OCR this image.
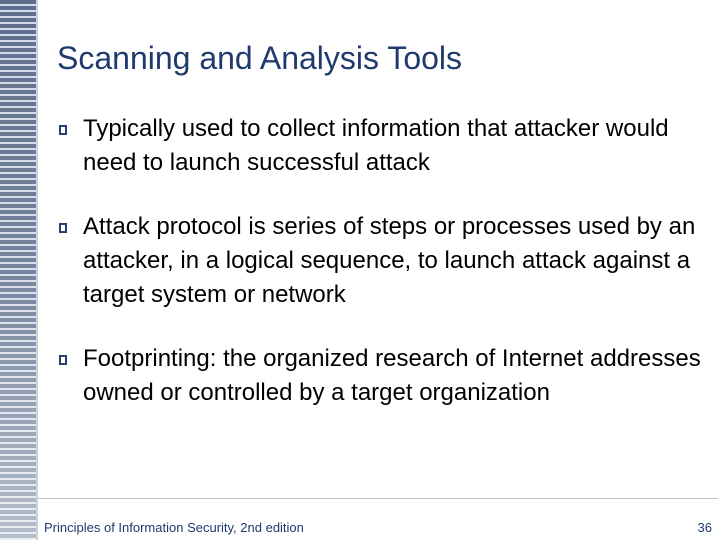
Scanning and Analysis Tools
Typically used to collect information that attacker would need to launch successful attack
Attack protocol is series of steps or processes used by an attacker, in a logical sequence, to launch attack against a target system or network
Footprinting: the organized research of Internet addresses owned or controlled by a target organization
Principles of Information Security, 2nd edition	36
